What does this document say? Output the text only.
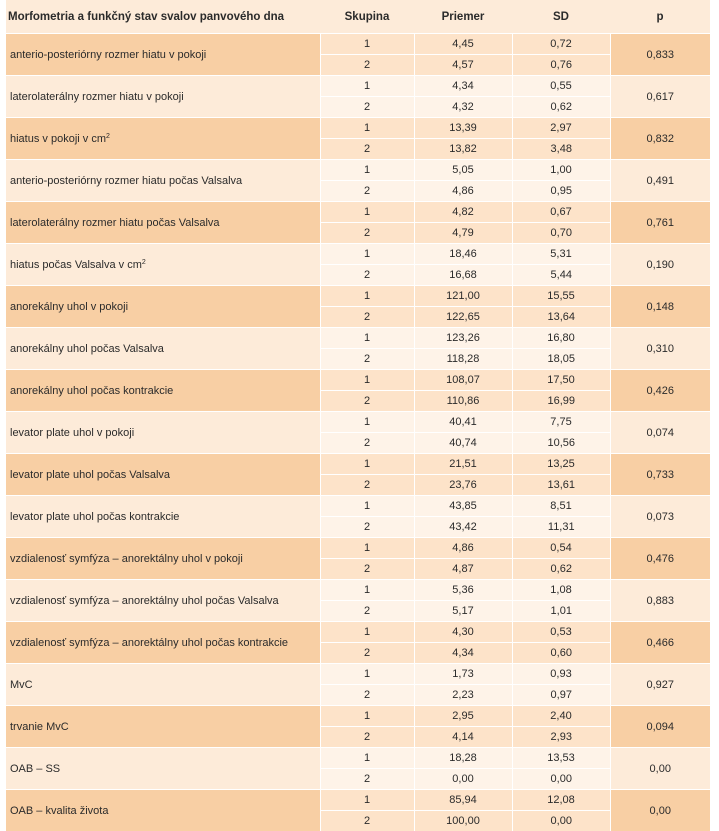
Morfometria a funkčný stav svalov panvového dna	Skupina	Priemer	SD	p
anterio-posteriórny rozmer hiatu v pokoji	1	4,45	0,72	0,833
	2	4,57	0,76	
laterolaterálny rozmer hiatu v pokoji	1	4,34	0,55	0,617
	2	4,32	0,62	
hiatus v pokoji v $cm^2$	1	13,39	2,97	0,832
	2	13,82	3,48	
anterio-posteriórny rozmer hiatu počas Valsalva	1	5,05	1,00	0,491
	2	4,86	0,95	
laterolaterálny rozmer hiatu počas Valsalva	1	4,82	0,67	0,761
	2	4,79	0,70	
hiatus počas Valsalva v $cm^2$	1	18,46	5,31	0,190
	2	16,68	5,44	
anorekálny uhol v pokoji	1	121,00	15,55	0,148
	2	122,65	13,64	
anorekálny uhol počas Valsalva	1	123,26	16,80	0,310
	2	118,28	18,05	
anorekálny uhol počas kontrakcie	1	108,07	17,50	0,426
	2	110,86	16,99	
levator plate uhol v pokoji	1	40,41	7,75	0,074
	2	40,74	10,56	
levator plate uhol počas Valsalva	1	21,51	13,25	0,733
	2	23,76	13,61	
levator plate uhol počas kontrakcie	1	43,85	8,51	0,073
	2	43,42	11,31	
vzdialenosť symfýza – anorektálny uhol v pokoji	1	4,86	0,54	0,476
	2	4,87	0,62	
vzdialenosť symfýza – anorektálny uhol počas Valsalva	1	5,36	1,08	0,883
	2	5,17	1,01	
vzdialenosť symfýza – anorektálny uhol počas kontrakcie	1	4,30	0,53	0,466
	2	4,34	0,60	
MvC	1	1,73	0,93	0,927
	2	2,23	0,97	
trvanie MvC	1	2,95	2,40	0,094
	2	4,14	2,93	
OAB – SS	1	18,28	13,53	0,00
	2	0,00	0,00	
OAB – kvalita života	1	85,94	12,08	0,00
	2	100,00	0,00	
